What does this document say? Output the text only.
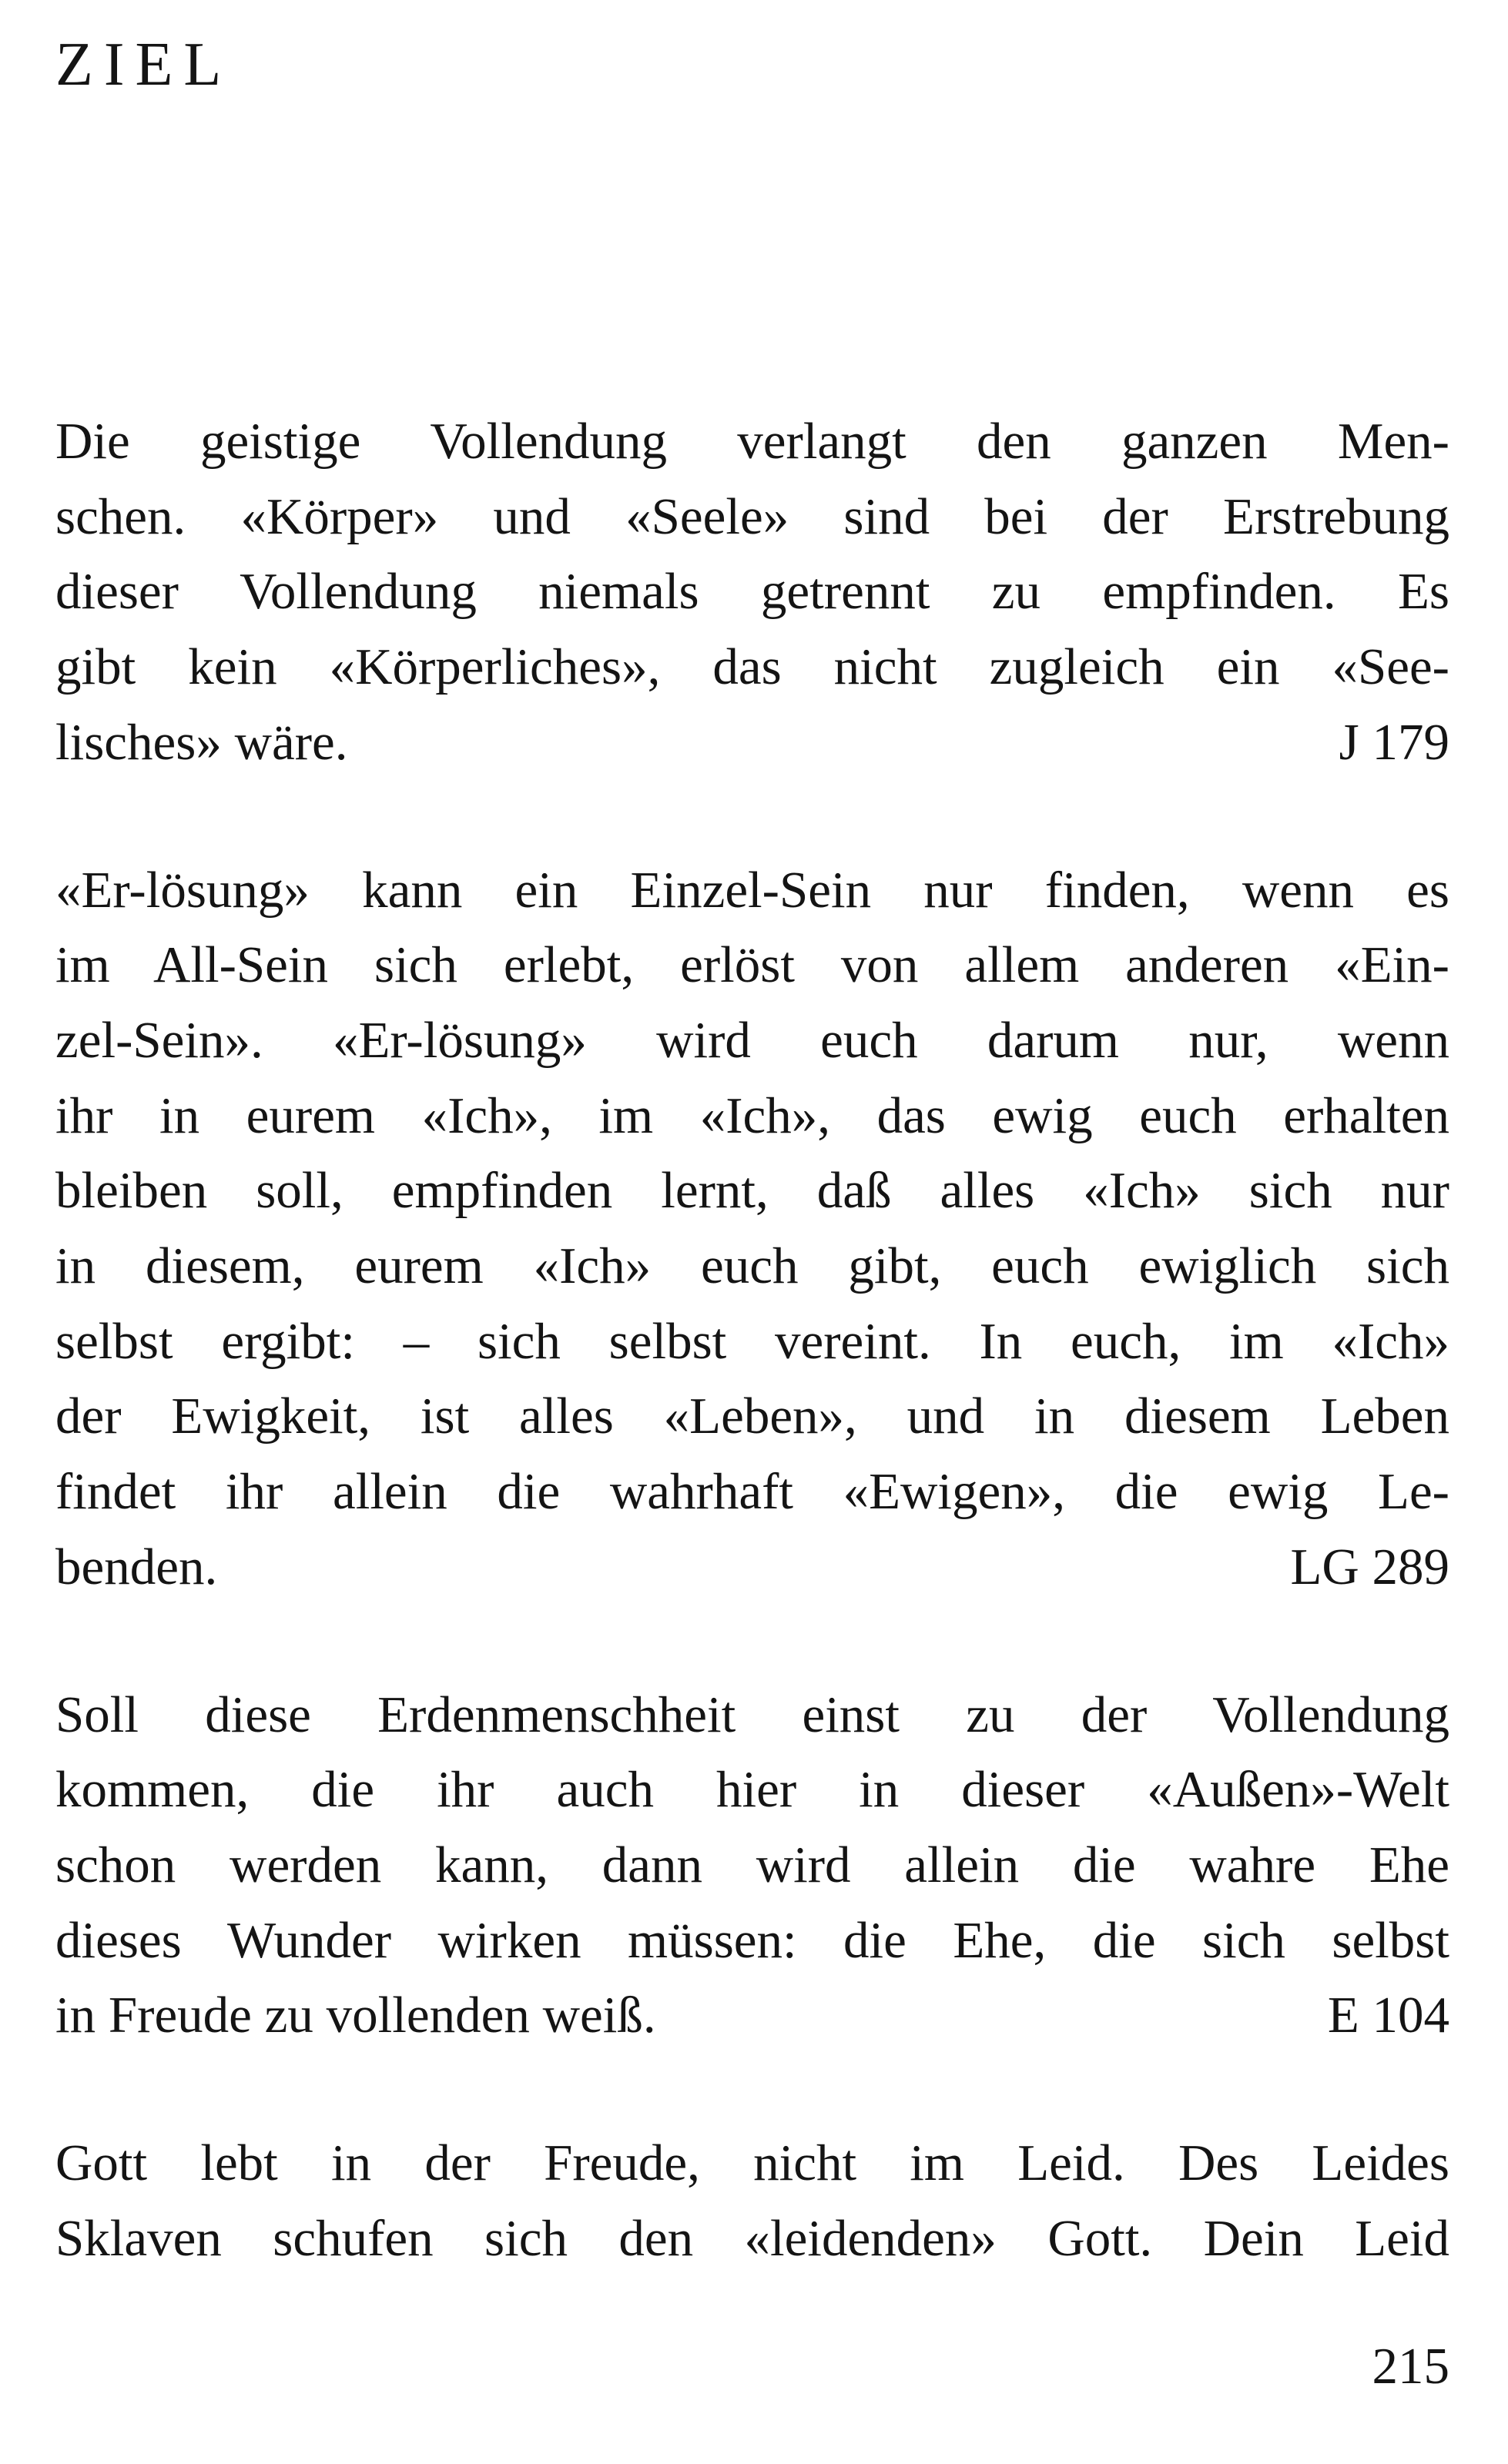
ZIEL

Die geistige Vollendung verlangt den ganzen Men-
schen. «Körper» und «Seele» sind bei der Erstrebung
dieser Vollendung niemals getrennt zu empfinden. Es
gibt kein «Körperliches», das nicht zugleich ein «See-
lisches» wäre.	J 179

«Er-lösung» kann ein Einzel-Sein nur finden, wenn es
im All-Sein sich erlebt, erlöst von allem anderen «Ein-
zel-Sein». «Er-lösung» wird euch darum nur, wenn
ihr in eurem «Ich», im «Ich», das ewig euch erhalten
bleiben soll, empfinden lernt, daß alles «Ich» sich nur
in diesem, eurem «Ich» euch gibt, euch ewiglich sich
selbst ergibt: – sich selbst vereint. In euch, im «Ich»
der Ewigkeit, ist alles «Leben», und in diesem Leben
findet ihr allein die wahrhaft «Ewigen», die ewig Le-
benden.	LG 289

Soll diese Erdenmenschheit einst zu der Vollendung
kommen, die ihr auch hier in dieser «Außen»-Welt
schon werden kann, dann wird allein die wahre Ehe
dieses Wunder wirken müssen: die Ehe, die sich selbst
in Freude zu vollenden weiß.	E 104

Gott lebt in der Freude, nicht im Leid. Des Leides
Sklaven schufen sich den «leidenden» Gott. Dein Leid

215
